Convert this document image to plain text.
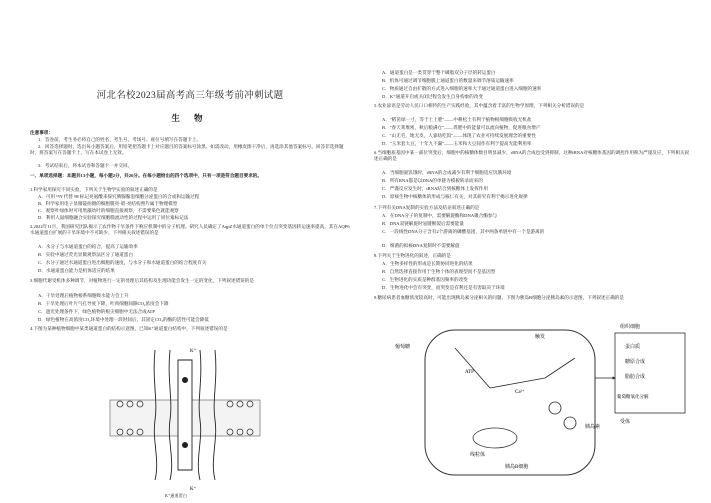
河北名校2023届高考高三年级考前冲刺试题
生 物
注意事项：
1．答卷前，考生务必将自己的姓名、考生号、考场号、座位号填写在答题卡上。
2．回答选择题时，选出每小题答案后，用铅笔把答题卡上对应题目的答案标号涂黑。如需改动，用橡皮擦干净后，再选涂其他答案标号。回答非选择题时，将答案写在答题卡上，写在本试卷上无效。
3．考试结束后，将本试卷和答题卡一并交回。
一、单项选择题：本题共13小题，每小题2分，共26分。在每小题给出的四个选项中，只有一项是符合题目要求的。
1.科学家用探究不同实验，下列关于生物学实验的叙述正确的是
A．可用 ¹⁵N 代替 ³H 标记亮氨酸来探究胰腺腺泡细胞分泌蛋白的合成和运输过程
B．科学家用电子显微镜拍摄的细胞膜亮-暗-亮结构照片属于物理模型
C．观察叶绿体时可用黑藻幼叶的细胞直接观察，不需要染色就能观察
D．利用人鼠细胞融合实验探究细胞膜流动性的过程中运用了同位素标记法
2.2022年11月，我国研究团队揭示了农作物干旱条件下响应机制中的分子机理。研究人员确定了AqpZ水通道蛋白的单个位点突变基因转运速率提高，其在AQP6水通道蛋白扩展的干旱环境中不可缺少，下列相关叙述错误的是
A．水分子与水通道蛋白的结合，提高了运输效率
B．实验中通过荧光显微观察法区分了通道蛋白
C．水分子通过水通道蛋白进出细胞的速度，与水分子和水通道蛋白的结合程度有关
D．水通道蛋白能力是机体适应的结果
3.细胞代谢受机体多种调节，对植物进行一定的处理后其结构及生理功能会发生一定的变化，下列叙述错误的是
A．干旱处理后植物根系细胞吸水能力会上升
B．干旱处理后叶片气孔导度下降，叶肉细胞间隙CO₂浓度会下降
C．遮光处理条件下，绿色植物的根尖细胞中无法合成ATP
D．绿色植物在高浓度CO₂环境中处理一段时间后，其固定CO₂的酶的活性可能会降低
4.下图为某种植物细胞中某类通道蛋白的结构示意图，已知K⁺通道蛋白结构中，下列叙述错误的是
K⁺
K⁺
K⁺通道蛋白
A．通道蛋白是一类贯穿于整个磷脂双分子层的转运蛋白
B．机体可通过调节细胞膜上通道蛋白的数量来调节溶质运输速率
C．物质通过自由扩散的方式进入细胞的速率大于通过通道蛋白进入细胞的速率
D．K⁺通道开启或关闭过程会发生自身构象的改变
5.农业谚语是劳动人民口口相传的生产实践经验，其中蕴含着丰富的生物学原理，下列相关分析错误的是
A．"稻苗绿一寸，等于土上肥"——中耕松土有利于植物根细胞吸收无机盐
B．"春天粪堆密，秋后粮满仓"——粪肥中的能量可以流向植物，促进粮食增产
C．"山无毛，地无皮，人靠啥吃饭"——体现了农业可持续发展理念的重要性
D．"玉米套大豆，十年九不漏"——玉米和大豆间作有利于提高光能利用率
6.当细胞质基因中某一部位突变后，细胞中的核糖体数目明显减少，rRNA的合成也受到抑制，这种tRNA对核糖体基因的调控作用称为严谨反应，下列相关叙述正确的是
A．当细胞氮饥饿时，rRNA的合成减少有利于细胞适应饥饿环境
B．所有RNA都是以DNA的单链为模板转录而来的
C．严谨反应发生时，tRNA结合到核糖体上发挥作用
D．原核生物中核糖体的形成与核仁有关，对其研究有利于揭示进化规律
7.下列有关DNA复制的实验方法及结论叙述正确的是
A．在DNA分子的复制中，需要解旋酶和DNA聚合酶参与
B．DNA双链解旋时氢键断裂后需要能量
C．一段线性DNA分子含有2个游离的磷酸基团，其中两条单链中有一个是游离的
D．细菌的拟核DNA复制时不需要解旋
8.下列关于生物进化的叙述，正确的是
A．生物多样性的形成是长期协同进化的结果
B．自然选择直接作用于生物个体的表现型而不是基因型
C．生物进化的实质是种群基因频率的改变
D．生物进化中会有突变，而突变是有利还是有害取决于环境
9.糖尿病患者血糖浓度较高时，可能出现胰岛素分泌相关的问题，下图为胰岛B细胞分泌胰岛素的示意图，下列叙述正确的是
葡萄糖
ATP
触发
Ca²⁺
胰岛素
组织细胞
蛋白质
糖原合成
脂肪合成
葡萄糖氧化分解
胰岛B细胞
线粒体
受体
